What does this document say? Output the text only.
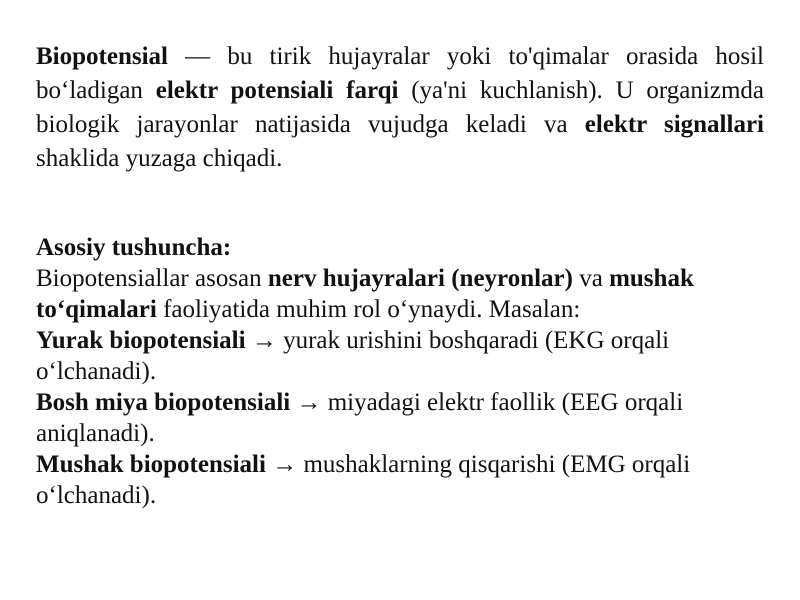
Biopotensial — bu tirik hujayralar yoki to'qimalar orasida hosil bo‘ladigan elektr potensiali farqi (ya'ni kuchlanish). U organizmda biologik jarayonlar natijasida vujudga keladi va elektr signallari shaklida yuzaga chiqadi.

Asosiy tushuncha:

Biopotensiallar asosan nerv hujayralari (neyronlar) va mushak to‘qimalari faoliyatida muhim rol o‘ynaydi. Masalan:

Yurak biopotensiali → yurak urishini boshqaradi (EKG orqali o‘lchanadi).

Bosh miya biopotensiali → miyadagi elektr faollik (EEG orqali aniqlanadi).

Mushak biopotensiali → mushaklarning qisqarishi (EMG orqali o‘lchanadi).
